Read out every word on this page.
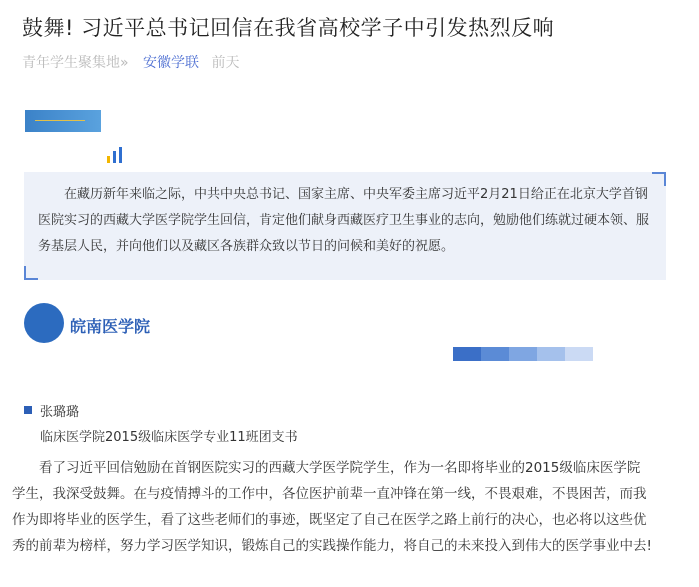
鼓舞! 习近平总书记回信在我省高校学子中引发热烈反响
青年学生聚集地» 安徽学联 前天

在藏历新年来临之际，中共中央总书记、国家主席、中央军委主席习近平2月21日给正在北京大学首钢医院实习的西藏大学医学院学生回信，肯定他们献身西藏医疗卫生事业的志向，勉励他们练就过硬本领、服务基层人民，并向他们以及藏区各族群众致以节日的问候和美好的祝愿。

皖南医学院
张璐璐
临床医学院2015级临床医学专业11班团支书

看了习近平回信勉励在首钢医院实习的西藏大学医学院学生，作为一名即将毕业的2015级临床医学院学生，我深受鼓舞。在与疫情搏斗的工作中，各位医护前辈一直冲锋在第一线，不畏艰难，不畏困苦，而我作为即将毕业的医学生，看了这些老师们的事迹，既坚定了自己在医学之路上前行的决心，也必将以这些优秀的前辈为榜样，努力学习医学知识，锻炼自己的实践操作能力，将自己的未来投入到伟大的医学事业中去!
